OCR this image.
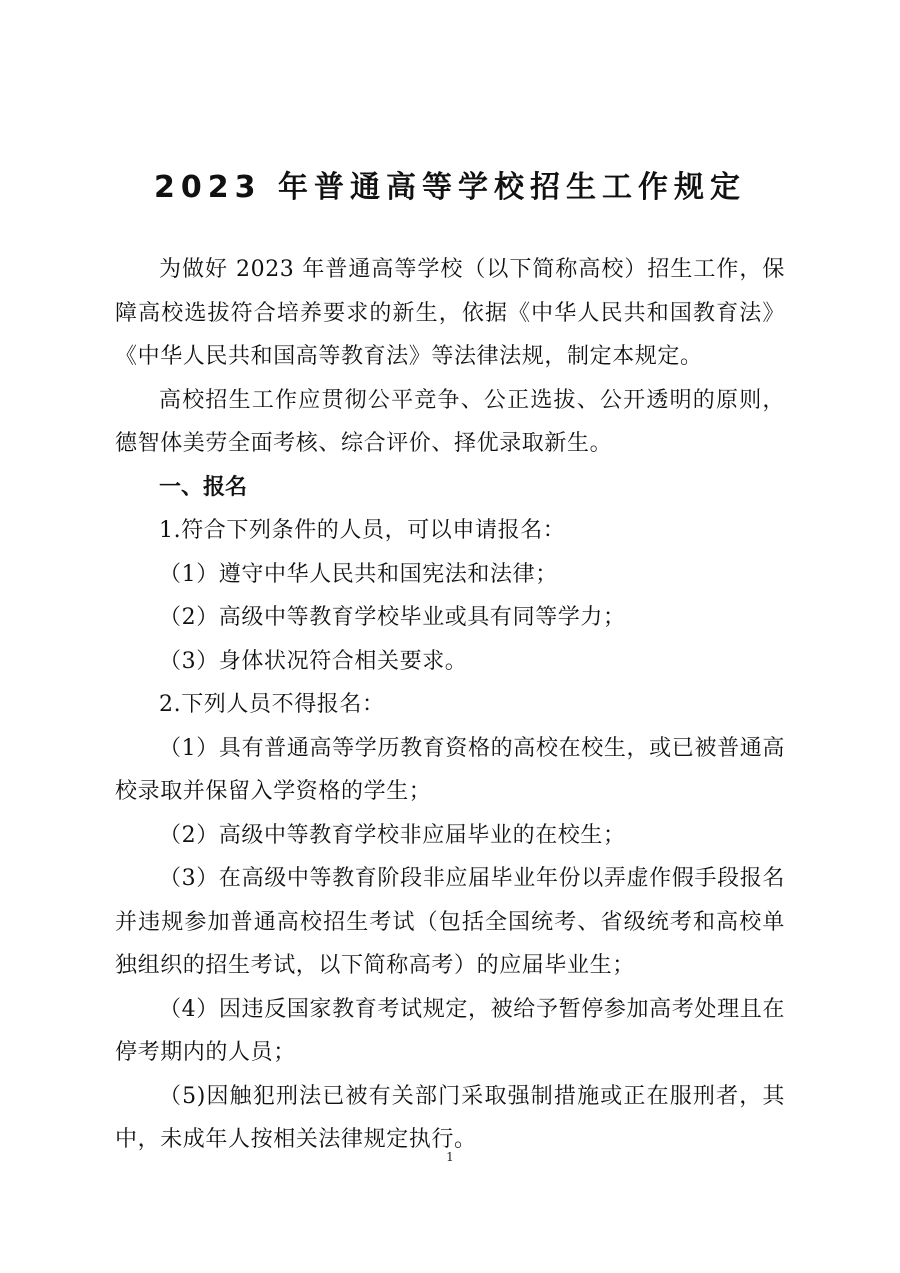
2023 年普通高等学校招生工作规定

为做好 2023 年普通高等学校（以下简称高校）招生工作，保障高校选拔符合培养要求的新生，依据《中华人民共和国教育法》《中华人民共和国高等教育法》等法律法规，制定本规定。

高校招生工作应贯彻公平竞争、公正选拔、公开透明的原则，德智体美劳全面考核、综合评价、择优录取新生。

一、报名

1.符合下列条件的人员，可以申请报名：

（1）遵守中华人民共和国宪法和法律；

（2）高级中等教育学校毕业或具有同等学力；

（3）身体状况符合相关要求。

2.下列人员不得报名：

（1）具有普通高等学历教育资格的高校在校生，或已被普通高校录取并保留入学资格的学生；

（2）高级中等教育学校非应届毕业的在校生；

（3）在高级中等教育阶段非应届毕业年份以弄虚作假手段报名并违规参加普通高校招生考试（包括全国统考、省级统考和高校单独组织的招生考试，以下简称高考）的应届毕业生；

（4）因违反国家教育考试规定，被给予暂停参加高考处理且在停考期内的人员；

（5)因触犯刑法已被有关部门采取强制措施或正在服刑者，其中，未成年人按相关法律规定执行。

1
